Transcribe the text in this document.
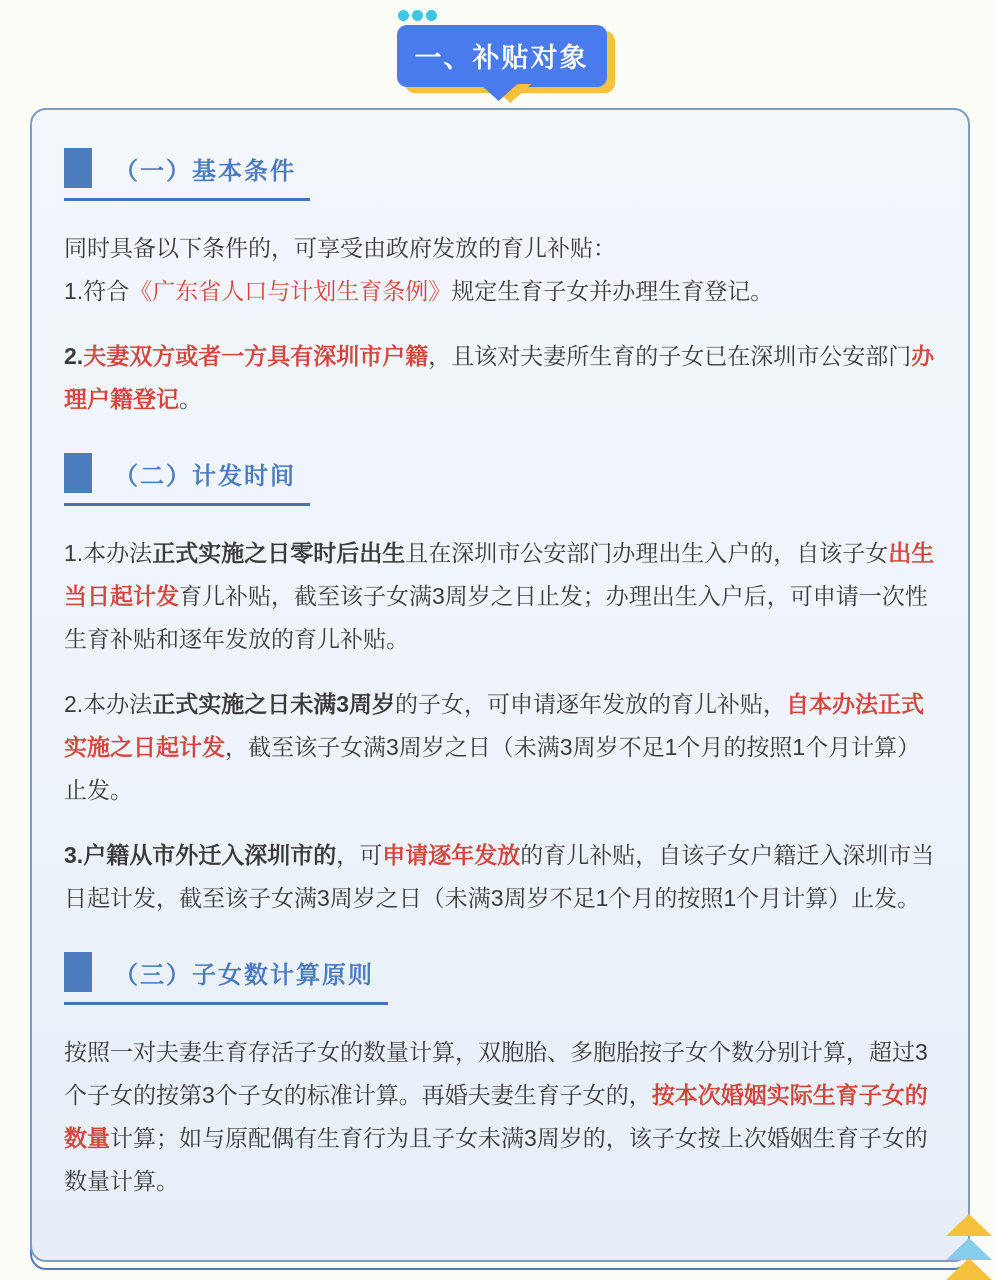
一、补贴对象
（一）基本条件

同时具备以下条件的，可享受由政府发放的育儿补贴：
1.符合《广东省人口与计划生育条例》规定生育子女并办理生育登记。

2.夫妻双方或者一方具有深圳市户籍，且该对夫妻所生育的子女已在深圳市公安部门办理户籍登记。

（二）计发时间

1.本办法正式实施之日零时后出生且在深圳市公安部门办理出生入户的，自该子女出生当日起计发育儿补贴，截至该子女满3周岁之日止发；办理出生入户后，可申请一次性生育补贴和逐年发放的育儿补贴。

2.本办法正式实施之日未满3周岁的子女，可申请逐年发放的育儿补贴，自本办法正式实施之日起计发，截至该子女满3周岁之日（未满3周岁不足1个月的按照1个月计算）止发。

3.户籍从市外迁入深圳市的，可申请逐年发放的育儿补贴，自该子女户籍迁入深圳市当日起计发，截至该子女满3周岁之日（未满3周岁不足1个月的按照1个月计算）止发。

（三）子女数计算原则

按照一对夫妻生育存活子女的数量计算，双胞胎、多胞胎按子女个数分别计算，超过3个子女的按第3个子女的标准计算。再婚夫妻生育子女的，按本次婚姻实际生育子女的数量计算；如与原配偶有生育行为且子女未满3周岁的，该子女按上次婚姻生育子女的数量计算。
